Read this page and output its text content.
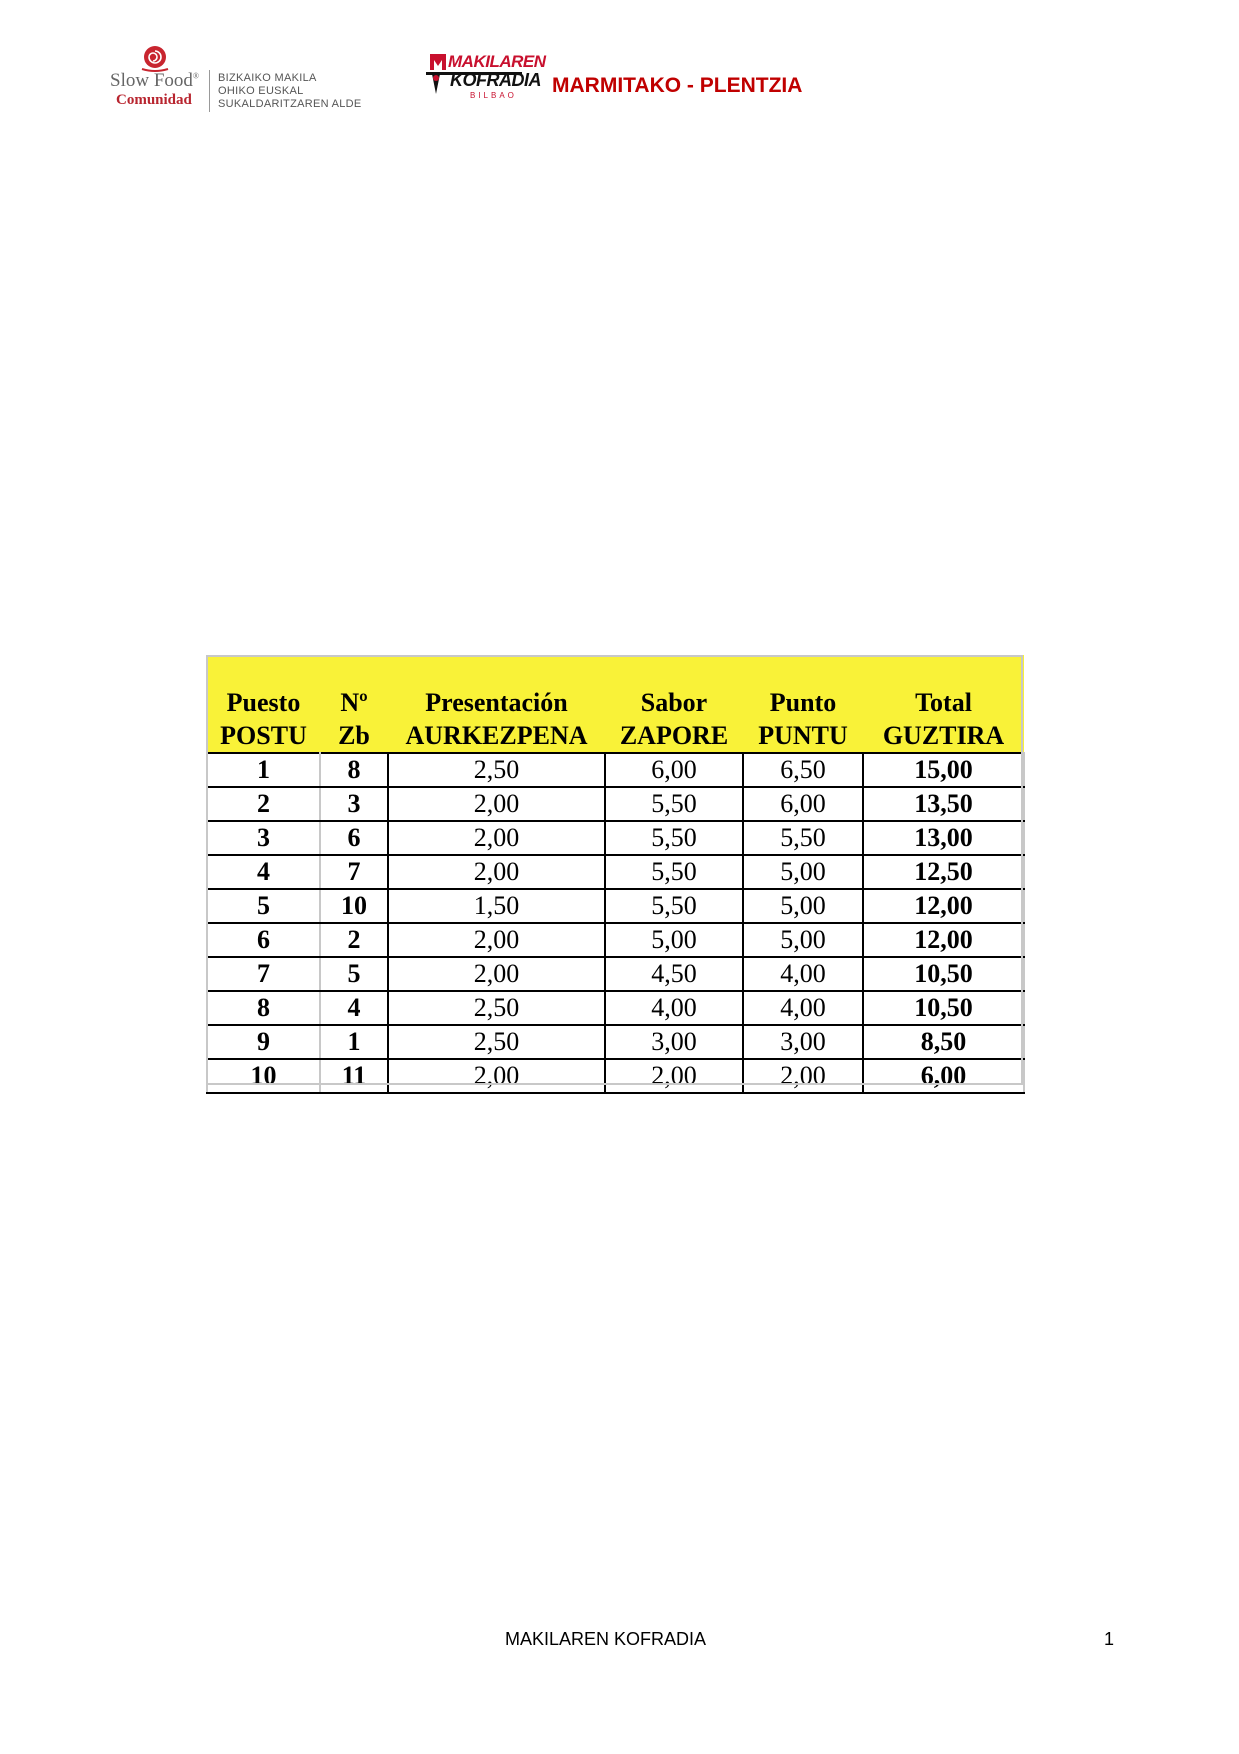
Slow Food®
Comunidad
BIZKAIKO MAKILA
OHIKO EUSKAL
SUKALDARITZAREN ALDE
MAKILAREN
KOFRADIA
BILBAO MARMITAKO - PLENTZIA
Puesto	Nº	Presentación	Sabor	Punto	Total
POSTU	Zb	AURKEZPENA	ZAPORE	PUNTU	GUZTIRA
1	8	2,50	6,00	6,50	15,00
2	3	2,00	5,50	6,00	13,50
3	6	2,00	5,50	5,50	13,00
4	7	2,00	5,50	5,00	12,50
5	10	1,50	5,50	5,00	12,00
6	2	2,00	5,00	5,00	12,00
7	5	2,00	4,50	4,00	10,50
8	4	2,50	4,00	4,00	10,50
9	1	2,50	3,00	3,00	8,50
10	11	2,00	2,00	2,00	6,00
MAKILAREN KOFRADIA	1
